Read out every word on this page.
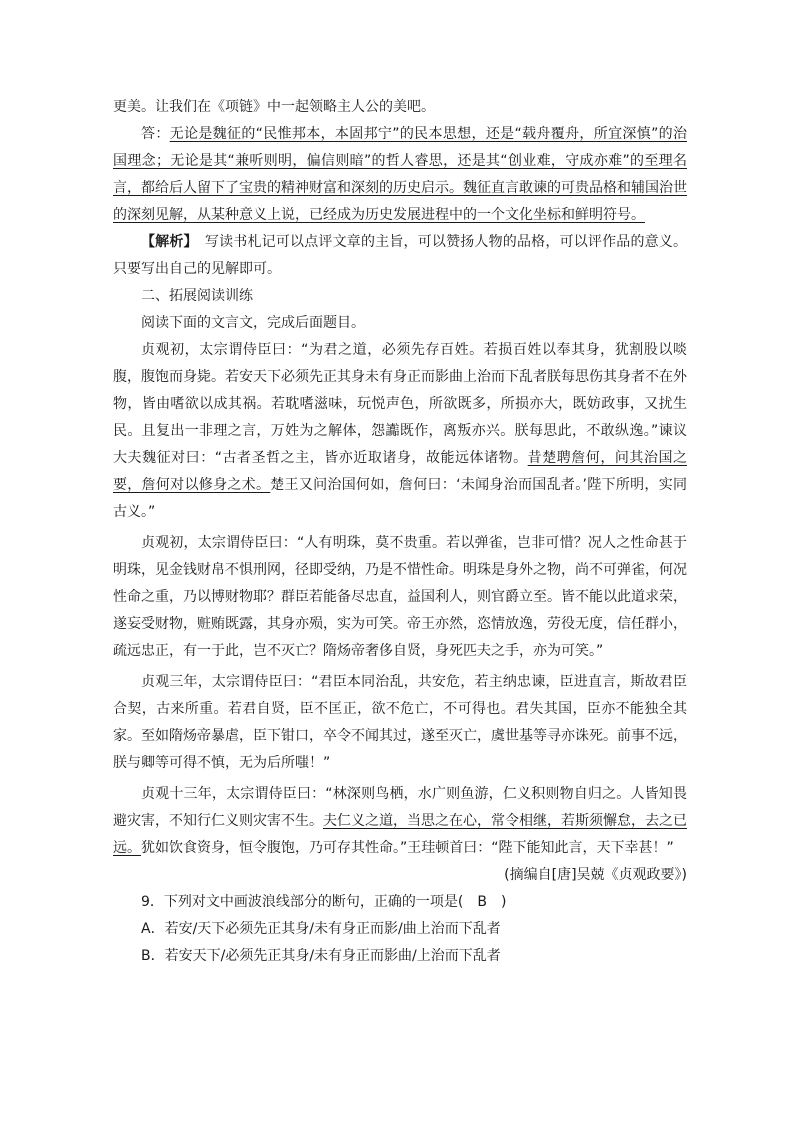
更美。让我们在《项链》中一起领略主人公的美吧。

答：无论是魏征的“民惟邦本，本固邦宁”的民本思想，还是“载舟覆舟，所宜深慎”的治国理念；无论是其“兼听则明，偏信则暗”的哲人睿思，还是其“创业难，守成亦难”的至理名言，都给后人留下了宝贵的精神财富和深刻的历史启示。魏征直言敢谏的可贵品格和辅国治世的深刻见解，从某种意义上说，已经成为历史发展进程中的一个文化坐标和鲜明符号。

【解析】　写读书札记可以点评文章的主旨，可以赞扬人物的品格，可以评作品的意义。只要写出自己的见解即可。

二、拓展阅读训练

阅读下面的文言文，完成后面题目。

贞观初，太宗谓侍臣曰：“为君之道，必须先存百姓。若损百姓以奉其身，犹割股以啖腹，腹饱而身毙。若安天下必须先正其身未有身正而影曲上治而下乱者朕每思伤其身者不在外物，皆由嗜欲以成其祸。若耽嗜滋味，玩悦声色，所欲既多，所损亦大，既妨政事，又扰生民。且复出一非理之言，万姓为之解体，怨讟既作，离叛亦兴。朕每思此，不敢纵逸。”谏议大夫魏征对曰：“古者圣哲之主，皆亦近取诸身，故能远体诸物。昔楚聘詹何，问其治国之要，詹何对以修身之术。楚王又问治国何如，詹何曰：‘未闻身治而国乱者。’陛下所明，实同古义。”

贞观初，太宗谓侍臣曰：“人有明珠，莫不贵重。若以弹雀，岂非可惜？况人之性命甚于明珠，见金钱财帛不惧刑网，径即受纳，乃是不惜性命。明珠是身外之物，尚不可弹雀，何况性命之重，乃以博财物耶？群臣若能备尽忠直，益国利人，则官爵立至。皆不能以此道求荣，遂妄受财物，赃贿既露，其身亦殒，实为可笑。帝王亦然，恣情放逸，劳役无度，信任群小，疏远忠正，有一于此，岂不灭亡？隋炀帝奢侈自贤，身死匹夫之手，亦为可笑。”

贞观三年，太宗谓侍臣曰：“君臣本同治乱，共安危，若主纳忠谏，臣进直言，斯故君臣合契，古来所重。若君自贤，臣不匡正，欲不危亡，不可得也。君失其国，臣亦不能独全其家。至如隋炀帝暴虐，臣下钳口，卒令不闻其过，遂至灭亡，虞世基等寻亦诛死。前事不远，朕与卿等可得不慎，无为后所嗤！”

贞观十三年，太宗谓侍臣曰：“林深则鸟栖，水广则鱼游，仁义积则物自归之。人皆知畏避灾害，不知行仁义则灾害不生。夫仁义之道，当思之在心，常令相继，若斯须懈怠，去之已远。犹如饮食资身，恒令腹饱，乃可存其性命。”王珪顿首曰：“陛下能知此言，天下幸甚！”

(摘编自[唐]吴兢《贞观政要》)

9．下列对文中画波浪线部分的断句，正确的一项是(　B　)

A．若安/天下必须先正其身/未有身正而影/曲上治而下乱者

B．若安天下/必须先正其身/未有身正而影曲/上治而下乱者
